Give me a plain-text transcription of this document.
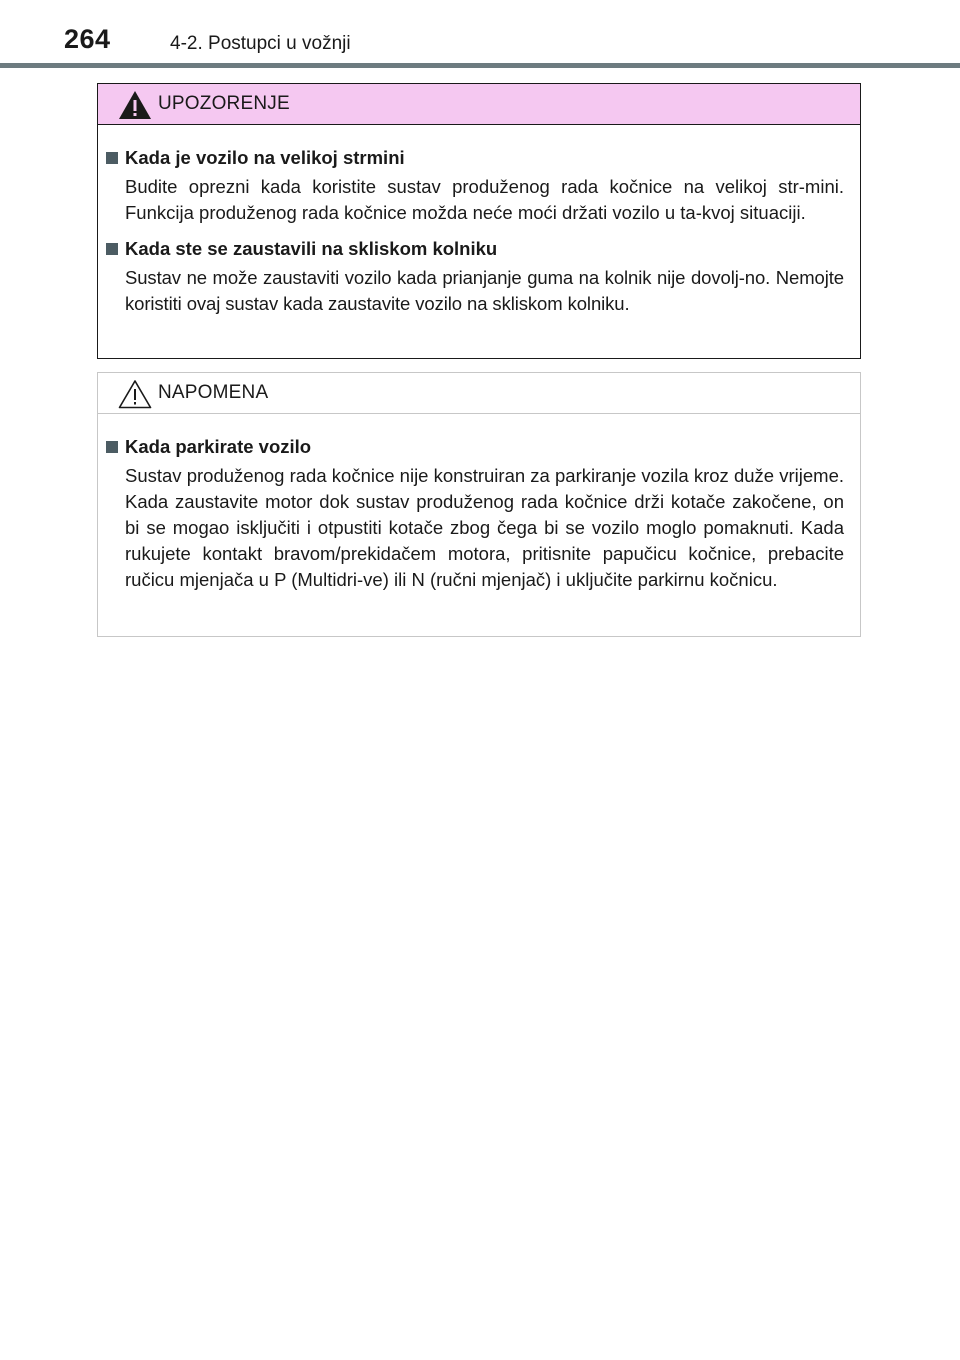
264	4-2. Postupci u vožnji
UPOZORENJE
Kada je vozilo na velikoj strmini
Budite oprezni kada koristite sustav produženog rada kočnice na velikoj str-mini. Funkcija produženog rada kočnice možda neće moći držati vozilo u ta-kvoj situaciji.
Kada ste se zaustavili na skliskom kolniku
Sustav ne može zaustaviti vozilo kada prianjanje guma na kolnik nije dovolj-no. Nemojte koristiti ovaj sustav kada zaustavite vozilo na skliskom kolniku.
NAPOMENA
Kada parkirate vozilo
Sustav produženog rada kočnice nije konstruiran za parkiranje vozila kroz duže vrijeme. Kada zaustavite motor dok sustav produženog rada kočnice drži kotače zakočene, on bi se mogao isključiti i otpustiti kotače zbog čega bi se vozilo moglo pomaknuti. Kada rukujete kontakt bravom/prekidačem motora, pritisnite papučicu kočnice, prebacite ručicu mjenjača u P (Multidri-ve) ili N (ručni mjenjač) i uključite parkirnu kočnicu.
